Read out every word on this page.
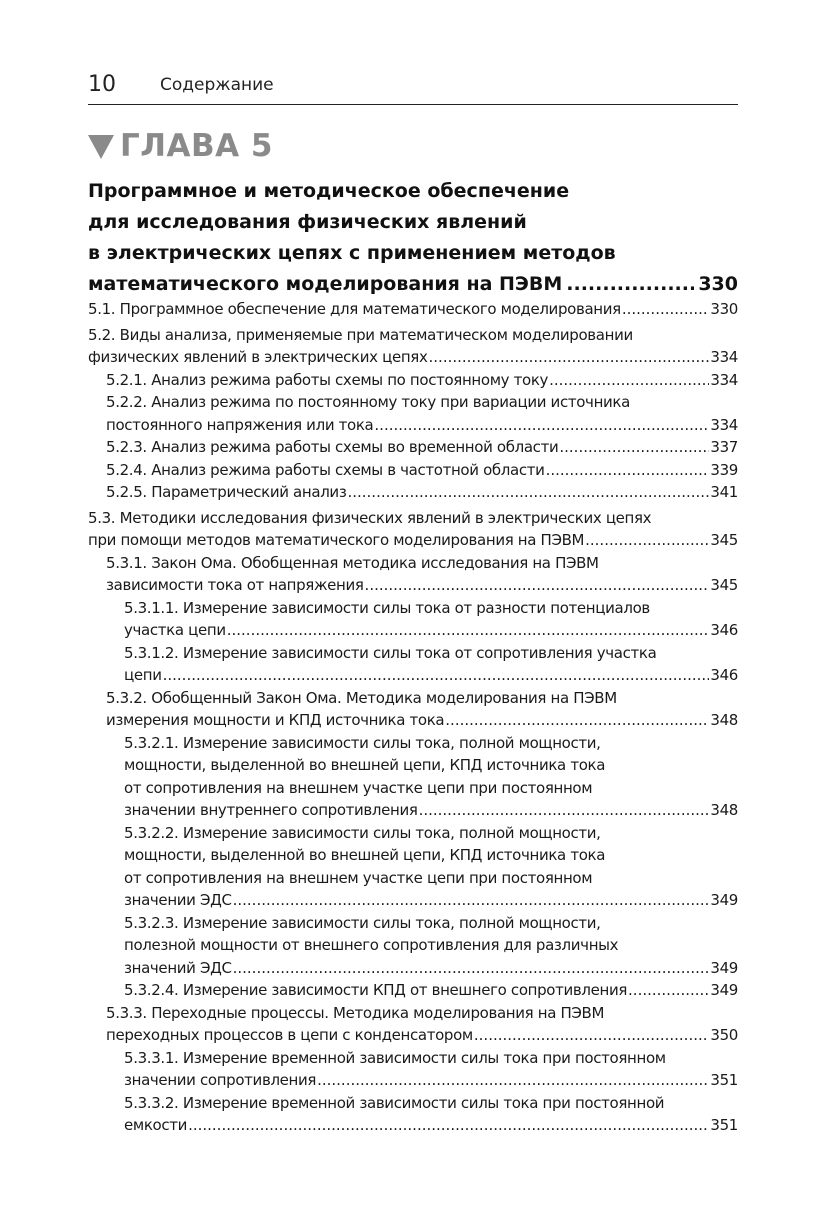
10	Содержание
ГЛАВА 5
Программное и методическое обеспечение
для исследования физических явлений
в электрических цепях с применением методов
математического моделирования на ПЭВМ .....	330
5.1. Программное обеспечение для математического моделирования .....	330
5.2. Виды анализа, применяемые при математическом моделировании
физических явлений в электрических цепях .....	334
5.2.1. Анализ режима работы схемы по постоянному току .....	334
5.2.2. Анализ режима по постоянному току при вариации источника
постоянного напряжения или тока .....	334
5.2.3. Анализ режима работы схемы во временной области .....	337
5.2.4. Анализ режима работы схемы в частотной области .....	339
5.2.5. Параметрический анализ .....	341
5.3. Методики исследования физических явлений в электрических цепях
при помощи методов математического моделирования на ПЭВМ .....	345
5.3.1. Закон Ома. Обобщенная методика исследования на ПЭВМ
зависимости тока от напряжения .....	345
5.3.1.1. Измерение зависимости силы тока от разности потенциалов
участка цепи .....	346
5.3.1.2. Измерение зависимости силы тока от сопротивления участка
цепи .....	346
5.3.2. Обобщенный Закон Ома. Методика моделирования на ПЭВМ
измерения мощности и КПД источника тока .....	348
5.3.2.1. Измерение зависимости силы тока, полной мощности,
мощности, выделенной во внешней цепи, КПД источника тока
от сопротивления на внешнем участке цепи при постоянном
значении внутреннего сопротивления .....	348
5.3.2.2. Измерение зависимости силы тока, полной мощности,
мощности, выделенной во внешней цепи, КПД источника тока
от сопротивления на внешнем участке цепи при постоянном
значении ЭДС .....	349
5.3.2.3. Измерение зависимости силы тока, полной мощности,
полезной мощности от внешнего сопротивления для различных
значений ЭДС .....	349
5.3.2.4. Измерение зависимости КПД от внешнего сопротивления .....	349
5.3.3. Переходные процессы. Методика моделирования на ПЭВМ
переходных процессов в цепи с конденсатором .....	350
5.3.3.1. Измерение временной зависимости силы тока при постоянном
значении сопротивления .....	351
5.3.3.2. Измерение временной зависимости силы тока при постоянной
емкости .....	351
